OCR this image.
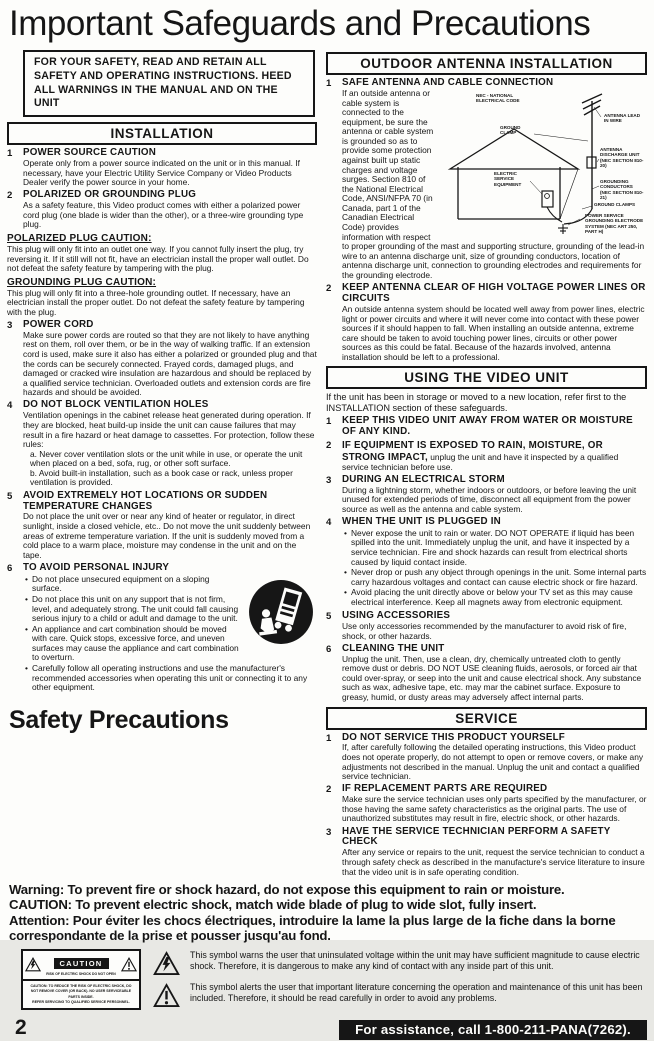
Important Safeguards and Precautions
FOR YOUR SAFETY, READ AND RETAIN ALL SAFETY AND OPERATING INSTRUCTIONS. HEED ALL WARNINGS IN THE MANUAL AND ON THE UNIT
INSTALLATION
1	POWER SOURCE CAUTION
Operate only from a power source indicated on the unit or in this manual. If necessary, have your Electric Utility Service Company or Video Products Dealer verify the power source in your home.
2	POLARIZED OR GROUNDING PLUG
As a safety feature, this Video product comes with either a polarized power cord plug (one blade is wider than the other), or a three-wire grounding type plug.
POLARIZED PLUG CAUTION:
This plug will only fit into an outlet one way. If you cannot fully insert the plug, try reversing it. If it still will not fit, have an electrician install the proper wall outlet. Do not defeat the safety feature by tampering with the plug.
GROUNDING PLUG CAUTION:
This plug will only fit into a three-hole grounding outlet. If necessary, have an electrician install the proper outlet. Do not defeat the safety feature by tampering with the plug.
3	POWER CORD
Make sure power cords are routed so that they are not likely to have anything rest on them, roll over them, or be in the way of walking traffic. If an extension cord is used, make sure it also has either a polarized or grounded plug and that the cords can be securely connected. Frayed cords, damaged plugs, and damaged or cracked wire insulation are hazardous and should be replaced by a qualified service technician. Overloaded outlets and extension cords are fire hazards and should be avoided.
4	DO NOT BLOCK VENTILATION HOLES
Ventilation openings in the cabinet release heat generated during operation. If they are blocked, heat build-up inside the unit can cause failures that may result in a fire hazard or heat damage to cassettes. For protection, follow these rules:
a. Never cover ventilation slots or the unit while in use, or operate the unit when placed on a bed, sofa, rug, or other soft surface.
b. Avoid built-in installation, such as a book case or rack, unless proper ventilation is provided.
5	AVOID EXTREMELY HOT LOCATIONS OR SUDDEN TEMPERATURE CHANGES
Do not place the unit over or near any kind of heater or regulator, in direct sunlight, inside a closed vehicle, etc.. Do not move the unit suddenly between areas of extreme temperature variation. If the unit is suddenly moved from a cold place to a warm place, moisture may condense in the unit and on the tape.
6	TO AVOID PERSONAL INJURY
• Do not place unsecured equipment on a sloping surface.
• Do not place this unit on any support that is not firm, level, and adequately strong. The unit could fall causing serious injury to a child or adult and damage to the unit.
• An appliance and cart combination should be moved with care. Quick stops, excessive force, and uneven surfaces may cause the appliance and cart combination to overturn.
• Carefully follow all operating instructions and use the manufacturer's recommended accessories when operating this unit or connecting it to any other equipment.
Safety Precautions
OUTDOOR ANTENNA INSTALLATION
1	SAFE ANTENNA AND CABLE CONNECTION
NEC - NATIONAL ELECTRICAL CODE
ANTENNA LEAD IN WIRE
GROUND CLAMP
ANTENNA DISCHARGE UNIT (NEC SECTION 810-20)
ELECTRIC SERVICE EQUIPMENT
GROUNDING CONDUCTORS (NEC SECTION 810-21)
GROUND CLAMPS
POWER SERVICE GROUNDING ELECTRODE SYSTEM (NEC ART 250, PART H)
If an outside antenna or cable system is connected to the equipment, be sure the antenna or cable system is grounded so as to provide some protection against built up static charges and voltage surges. Section 810 of the National Electrical Code, ANSI/NFPA 70 (in Canada, part 1 of the Canadian Electrical Code) provides information with respect to proper grounding of the mast and supporting structure, grounding of the lead-in wire to an antenna discharge unit, size of grounding conductors, location of antenna discharge unit, connection to grounding electrodes and requirements for the grounding electrode.
2	KEEP ANTENNA CLEAR OF HIGH VOLTAGE POWER LINES OR CIRCUITS
An outside antenna system should be located well away from power lines, electric light or power circuits and where it will never come into contact with these power sources if it should happen to fall. When installing an outside antenna, extreme care should be taken to avoid touching power lines, circuits or other power sources as this could be fatal. Because of the hazards involved, antenna installation should be left to a professional.
USING THE VIDEO UNIT
If the unit has been in storage or moved to a new location, refer first to the INSTALLATION section of these safeguards.
1	KEEP THIS VIDEO UNIT AWAY FROM WATER OR MOISTURE OF ANY KIND.
2	IF EQUIPMENT IS EXPOSED TO RAIN, MOISTURE, OR STRONG IMPACT, unplug the unit and have it inspected by a qualified service technician before use.
3	DURING AN ELECTRICAL STORM
During a lightning storm, whether indoors or outdoors, or before leaving the unit unused for extended periods of time, disconnect all equipment from the power source as well as the antenna and cable system.
4	WHEN THE UNIT IS PLUGGED IN
• Never expose the unit to rain or water. DO NOT OPERATE if liquid has been spilled into the unit. Immediately unplug the unit, and have it inspected by a service technician. Fire and shock hazards can result from electrical shorts caused by liquid contact inside.
• Never drop or push any object through openings in the unit. Some internal parts carry hazardous voltages and contact can cause electric shock or fire hazard.
• Avoid placing the unit directly above or below your TV set as this may cause electrical interference. Keep all magnets away from electronic equipment.
5	USING ACCESSORIES
Use only accessories recommended by the manufacturer to avoid risk of fire, shock, or other hazards.
6	CLEANING THE UNIT
Unplug the unit. Then, use a clean, dry, chemically untreated cloth to gently remove dust or debris. DO NOT USE cleaning fluids, aerosols, or forced air that could over-spray, or seep into the unit and cause electrical shock. Any substance such as wax, adhesive tape, etc. may mar the cabinet surface. Exposure to greasy, humid, or dusty areas may adversely affect internal parts.
SERVICE
1	DO NOT SERVICE THIS PRODUCT YOURSELF
If, after carefully following the detailed operating instructions, this Video product does not operate properly, do not attempt to open or remove covers, or make any adjustments not described in the manual. Unplug the unit and contact a qualified service technician.
2	IF REPLACEMENT PARTS ARE REQUIRED
Make sure the service technician uses only parts specified by the manufacturer, or those having the same safety characteristics as the original parts. The use of unauthorized substitutes may result in fire, electric shock, or other hazards.
3	HAVE THE SERVICE TECHNICIAN PERFORM A SAFETY CHECK
After any service or repairs to the unit, request the service technician to conduct a through safety check as described in the manufacture's service literature to insure that the video unit is in safe operating condition.
Warning: To prevent fire or shock hazard, do not expose this equipment to rain or moisture.
CAUTION: To prevent electric shock, match wide blade of plug to wide slot, fully insert.
Attention: Pour éviter les chocs électriques, introduire la lame la plus large de la fiche dans la borne correspondante de la prise et pousser jusqu'au fond.
CAUTION
RISK OF ELECTRIC SHOCK DO NOT OPEN
CAUTION: TO REDUCE THE RISK OF ELECTRIC SHOCK, DO NOT REMOVE COVER (OR BACK). NO USER SERVICEABLE PARTS INSIDE.
REFER SERVICING TO QUALIFIED SERVICE PERSONNEL.
This symbol warns the user that uninsulated voltage within the unit may have sufficient magnitude to cause electric shock. Therefore, it is dangerous to make any kind of contact with any inside part of this unit.
This symbol alerts the user that important literature concerning the operation and maintenance of this unit has been included. Therefore, it should be read carefully in order to avoid any problems.
2	For assistance, call 1-800-211-PANA(7262).
